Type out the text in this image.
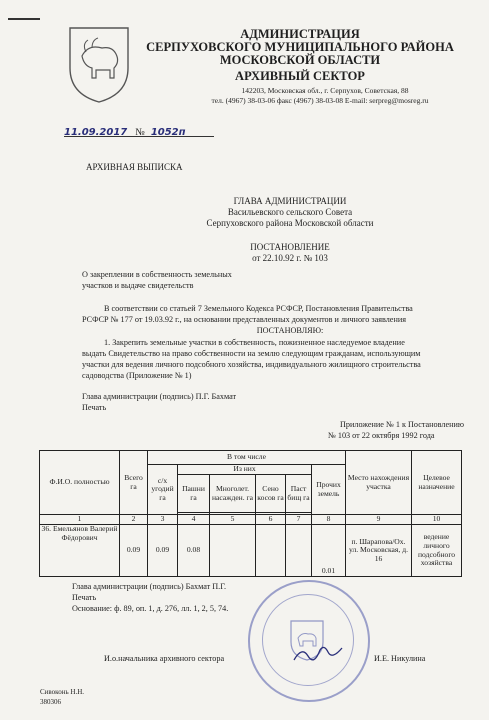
АДМИНИСТРАЦИЯ
СЕРПУХОВСКОГО МУНИЦИПАЛЬНОГО РАЙОНА
МОСКОВСКОЙ ОБЛАСТИ
АРХИВНЫЙ СЕКТОР
142203, Московская обл., г. Серпухов, Советская, 88
тел. (4967) 38-03-06 факс (4967) 38-03-08 E-mail: serpreg@mosreg.ru
11.09.2017 № 1052п
АРХИВНАЯ ВЫПИСКА
ГЛАВА АДМИНИСТРАЦИИ
Васильевского сельского Совета
Серпуховского района Московской области
ПОСТАНОВЛЕНИЕ
от 22.10.92 г. № 103
О закреплении в собственность земельных
участков и выдаче свидетельств
В соответствии со статьей 7 Земельного Кодекса РСФСР, Постановления Правительства
РСФСР № 177 от 19.03.92 г., на основании представленных документов и личного заявления
ПОСТАНОВЛЯЮ:
1. Закрепить земельные участки в собственность, пожизненное наследуемое владение
выдать Свидетельство на право собственности на землю следующим гражданам, использующим
участки для ведения личного подсобного хозяйства, индивидуального жилищного строительства
садоводства (Приложение № 1)
Глава администрации (подпись) П.Г. Бахмат
Печать
Приложение № 1 к Постановлению
№ 103 от 22 октября 1992 года
Ф.И.О. полностью	Всего га	В том числе						Место нахождения участка	Целевое назначение
		с/х угодий га	Из них				Прочих земель		
			Пашни га	Многолет. насажден. га	Сено косов га	Паст бищ га			

1	2	3	4	5	6	7	8	9	10
36. Емельянов Валерий Фёдорович	0.09	0.09	0.08				0.01	п. Шарапова/Ох. ул. Московская, д. 16	ведение личного подсобного хозяйства
Глава администрации (подпись) Бахмат П.Г.
Печать
Основание: ф. 89, оп. 1, д. 276, лл. 1, 2, 5, 74.
И.о.начальника архивного сектора	И.Е. Никулина
Сивоконь Н.Н.
380306
